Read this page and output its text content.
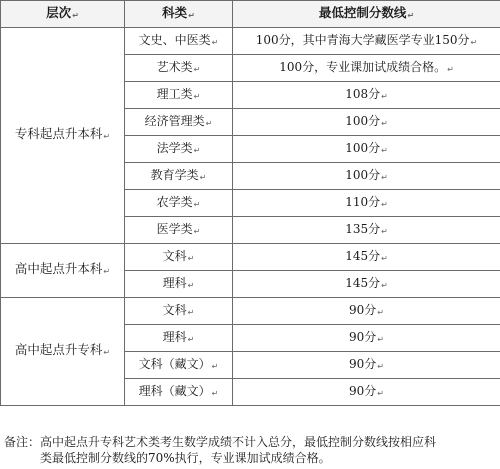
层次↵	科类↵	最低控制分数线↵
专科起点升本科↵	文史、中医类↵	100分，其中青海大学藏医学专业150分↵
	艺术类↵	100分，专业课加试成绩合格。↵
	理工类↵	108分↵
	经济管理类↵	100分↵
	法学类↵	100分↵
	教育学类↵	100分↵
	农学类↵	110分↵
	医学类↵	135分↵
高中起点升本科↵	文科↵	145分↵
	理科↵	145分↵
高中起点升专科↵	文科↵	90分↵
	理科↵	90分↵
	文科（藏文）↵	90分↵
	理科（藏文）↵	90分↵
备注：高中起点升专科艺术类考生数学成绩不计入总分，最低控制分数线按相应科
类最低控制分数线的70%执行，专业课加试成绩合格。
